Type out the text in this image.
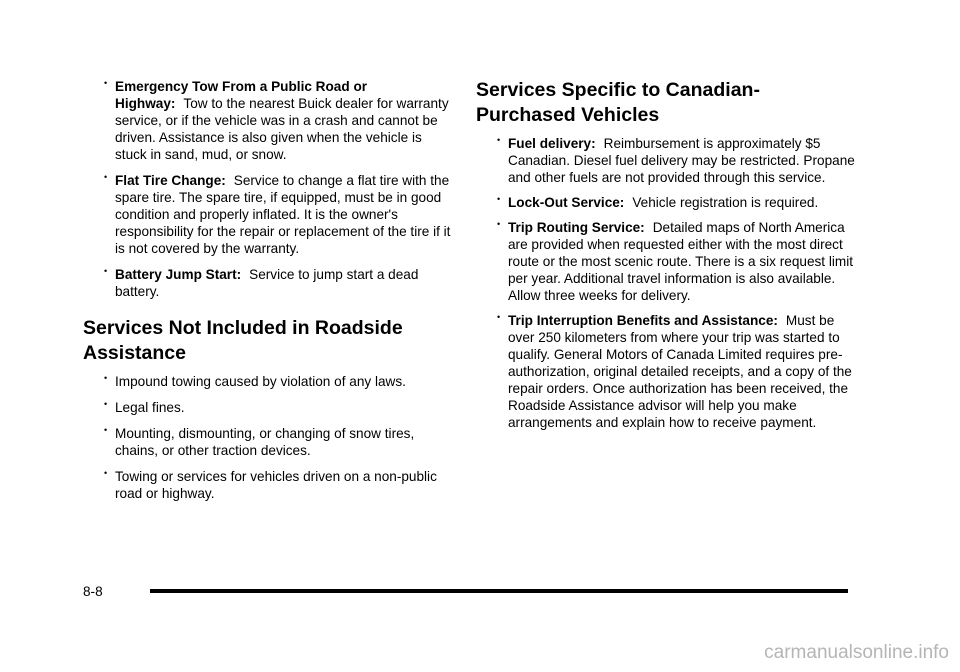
• Emergency Tow From a Public Road or Highway: Tow to the nearest Buick dealer for warranty service, or if the vehicle was in a crash and cannot be driven. Assistance is also given when the vehicle is stuck in sand, mud, or snow.
• Flat Tire Change: Service to change a flat tire with the spare tire. The spare tire, if equipped, must be in good condition and properly inflated. It is the owner's responsibility for the repair or replacement of the tire if it is not covered by the warranty.
• Battery Jump Start: Service to jump start a dead battery.
Services Not Included in Roadside Assistance
• Impound towing caused by violation of any laws.
• Legal fines.
• Mounting, dismounting, or changing of snow tires, chains, or other traction devices.
• Towing or services for vehicles driven on a non-public road or highway.
Services Specific to Canadian-Purchased Vehicles
• Fuel delivery: Reimbursement is approximately $5 Canadian. Diesel fuel delivery may be restricted. Propane and other fuels are not provided through this service.
• Lock-Out Service: Vehicle registration is required.
• Trip Routing Service: Detailed maps of North America are provided when requested either with the most direct route or the most scenic route. There is a six request limit per year. Additional travel information is also available. Allow three weeks for delivery.
• Trip Interruption Benefits and Assistance: Must be over 250 kilometers from where your trip was started to qualify. General Motors of Canada Limited requires pre-authorization, original detailed receipts, and a copy of the repair orders. Once authorization has been received, the Roadside Assistance advisor will help you make arrangements and explain how to receive payment.
8-8
carmanualsonline.info
